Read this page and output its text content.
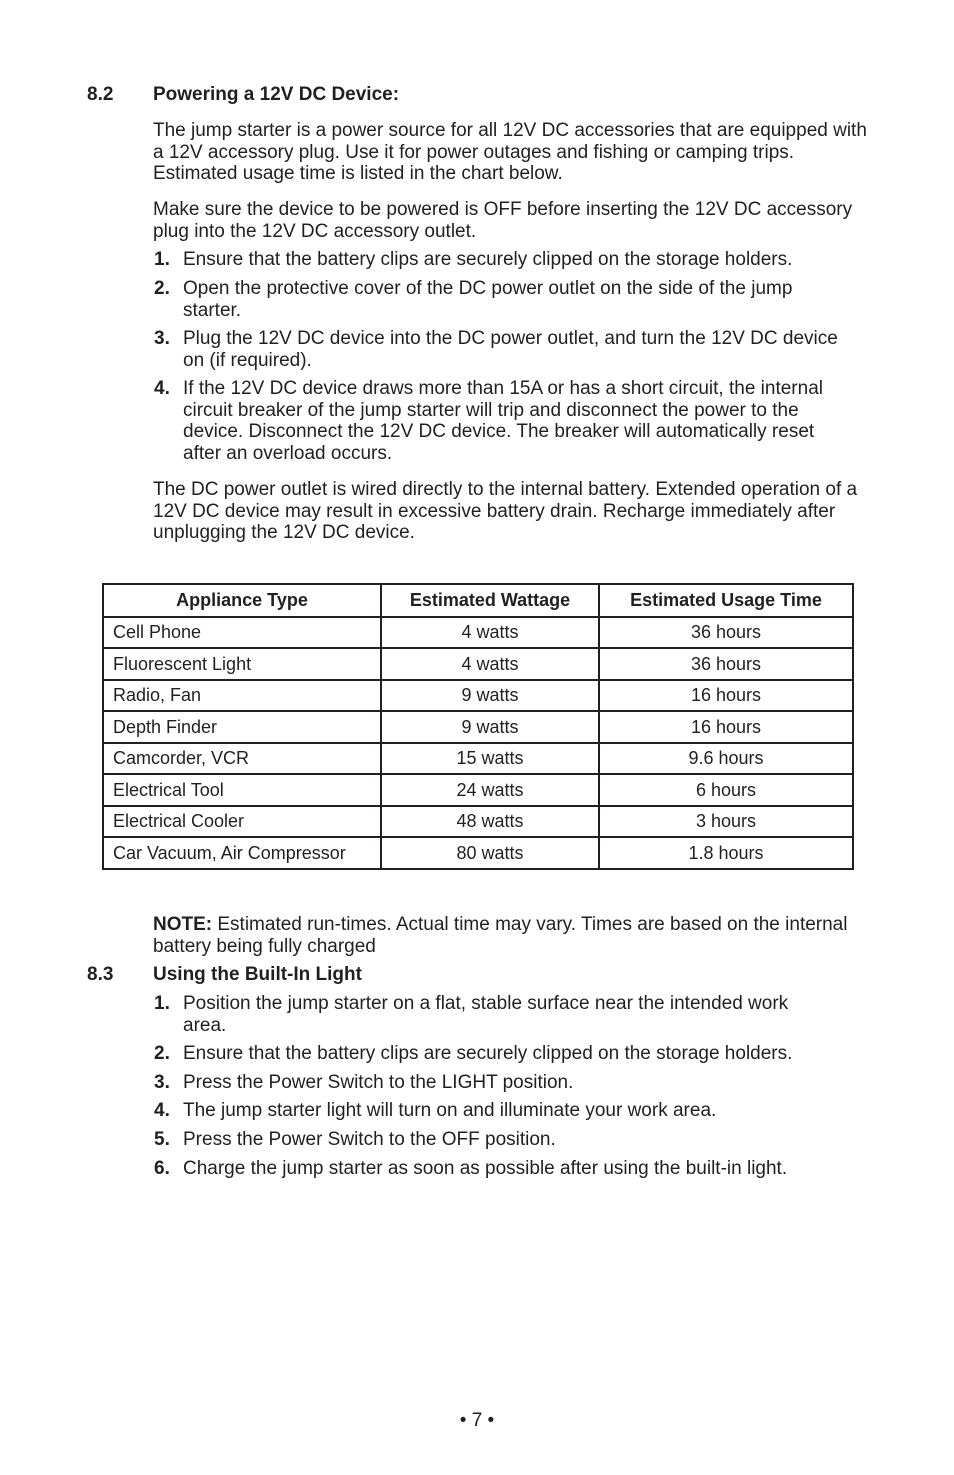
8.2 Powering a 12V DC Device:
The jump starter is a power source for all 12V DC accessories that are equipped with a 12V accessory plug. Use it for power outages and fishing or camping trips. Estimated usage time is listed in the chart below.
Make sure the device to be powered is OFF before inserting the 12V DC accessory plug into the 12V DC accessory outlet.
1. Ensure that the battery clips are securely clipped on the storage holders.
2. Open the protective cover of the DC power outlet on the side of the jump starter.
3. Plug the 12V DC device into the DC power outlet, and turn the 12V DC device on (if required).
4. If the 12V DC device draws more than 15A or has a short circuit, the internal circuit breaker of the jump starter will trip and disconnect the power to the device. Disconnect the 12V DC device. The breaker will automatically reset after an overload occurs.
The DC power outlet is wired directly to the internal battery. Extended operation of a 12V DC device may result in excessive battery drain. Recharge immediately after unplugging the 12V DC device.
Appliance Type	Estimated Wattage	Estimated Usage Time
Cell Phone	4 watts	36 hours
Fluorescent Light	4 watts	36 hours
Radio, Fan	9 watts	16 hours
Depth Finder	9 watts	16 hours
Camcorder, VCR	15 watts	9.6 hours
Electrical Tool	24 watts	6 hours
Electrical Cooler	48 watts	3 hours
Car Vacuum, Air Compressor	80 watts	1.8 hours
NOTE: Estimated run-times. Actual time may vary. Times are based on the internal battery being fully charged
8.3 Using the Built-In Light
1. Position the jump starter on a flat, stable surface near the intended work area.
2. Ensure that the battery clips are securely clipped on the storage holders.
3. Press the Power Switch to the LIGHT position.
4. The jump starter light will turn on and illuminate your work area.
5. Press the Power Switch to the OFF position.
6. Charge the jump starter as soon as possible after using the built-in light.
• 7 •
